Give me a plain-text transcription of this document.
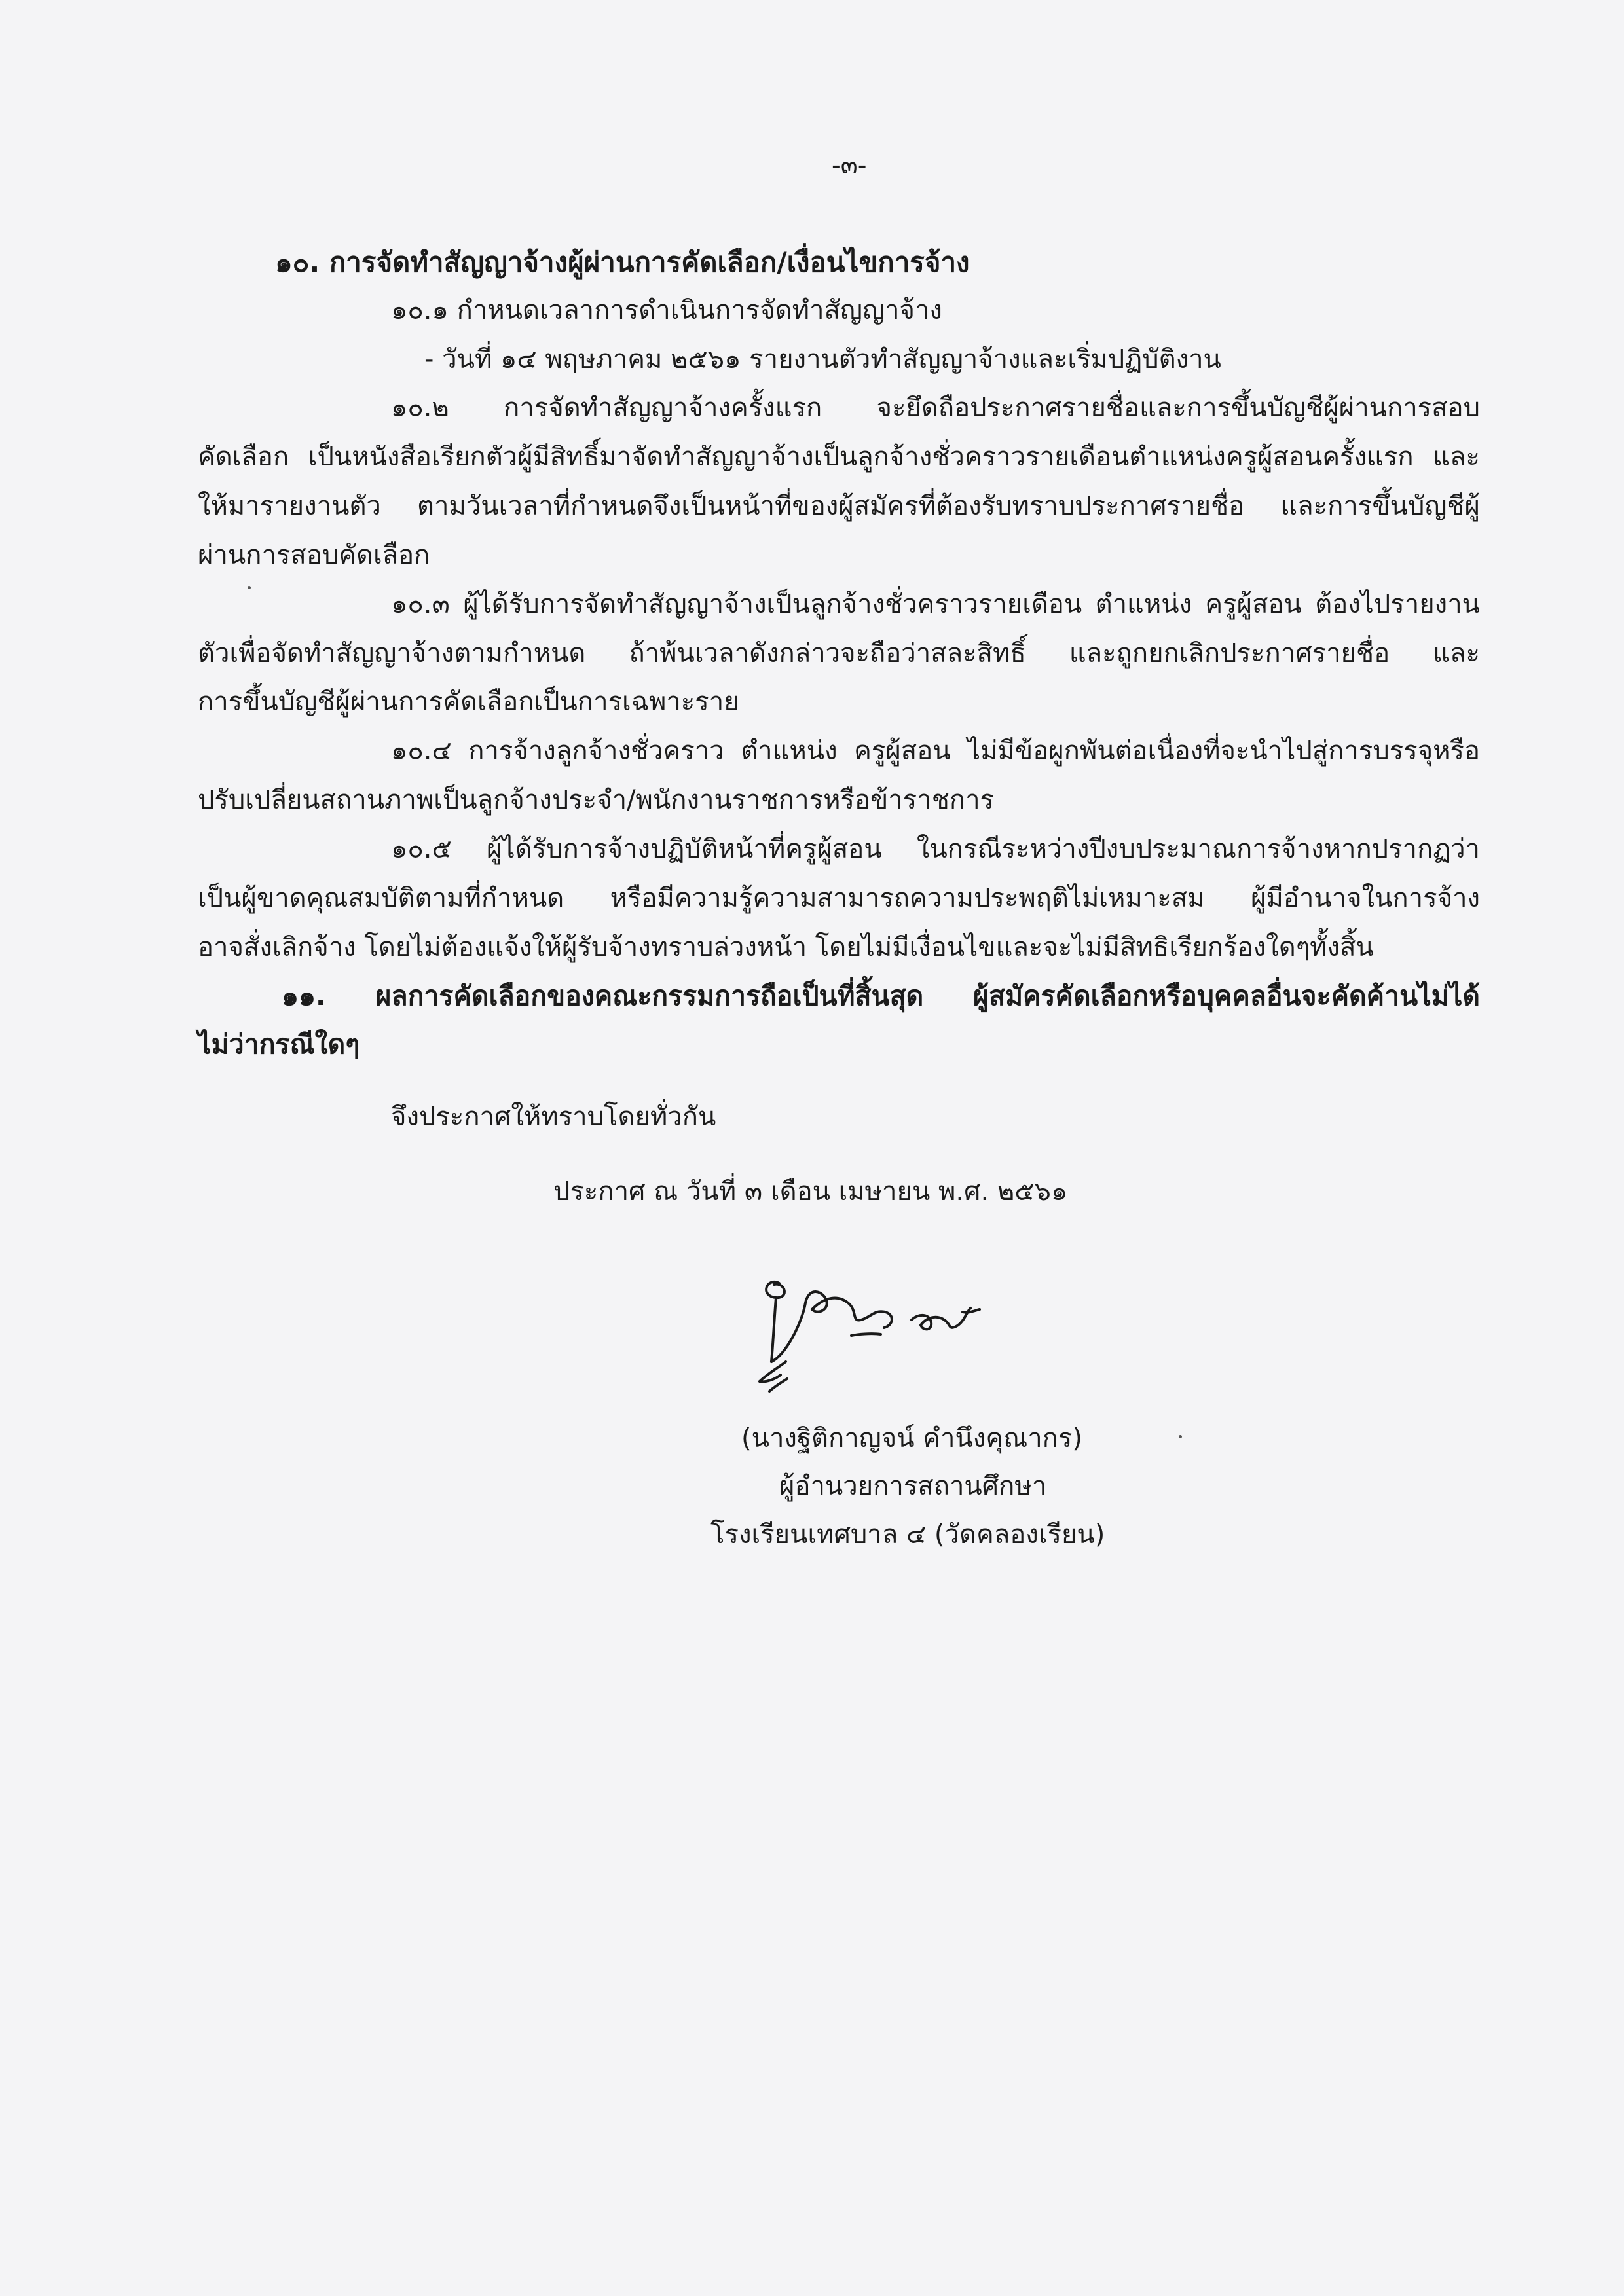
-๓-
๑๐. การจัดทำสัญญาจ้างผู้ผ่านการคัดเลือก/เงื่อนไขการจ้าง
๑๐.๑ กำหนดเวลาการดำเนินการจัดทำสัญญาจ้าง
- วันที่ ๑๔ พฤษภาคม ๒๕๖๑ รายงานตัวทำสัญญาจ้างและเริ่มปฏิบัติงาน
๑๐.๒ การจัดทำสัญญาจ้างครั้งแรก จะยึดถือประกาศรายชื่อและการขึ้นบัญชีผู้ผ่านการสอบ
คัดเลือก เป็นหนังสือเรียกตัวผู้มีสิทธิ์มาจัดทำสัญญาจ้างเป็นลูกจ้างชั่วคราวรายเดือนตำแหน่งครูผู้สอนครั้งแรก และ
ให้มารายงานตัว ตามวันเวลาที่กำหนดจึงเป็นหน้าที่ของผู้สมัครที่ต้องรับทราบประกาศรายชื่อ และการขึ้นบัญชีผู้
ผ่านการสอบคัดเลือก
๑๐.๓ ผู้ได้รับการจัดทำสัญญาจ้างเป็นลูกจ้างชั่วคราวรายเดือน ตำแหน่ง ครูผู้สอน ต้องไปรายงาน
ตัวเพื่อจัดทำสัญญาจ้างตามกำหนด ถ้าพ้นเวลาดังกล่าวจะถือว่าสละสิทธิ์ และถูกยกเลิกประกาศรายชื่อ และ
การขึ้นบัญชีผู้ผ่านการคัดเลือกเป็นการเฉพาะราย
๑๐.๔ การจ้างลูกจ้างชั่วคราว ตำแหน่ง ครูผู้สอน ไม่มีข้อผูกพันต่อเนื่องที่จะนำไปสู่การบรรจุหรือ
ปรับเปลี่ยนสถานภาพเป็นลูกจ้างประจำ/พนักงานราชการหรือข้าราชการ
๑๐.๕ ผู้ได้รับการจ้างปฏิบัติหน้าที่ครูผู้สอน ในกรณีระหว่างปีงบประมาณการจ้างหากปรากฏว่า
เป็นผู้ขาดคุณสมบัติตามที่กำหนด หรือมีความรู้ความสามารถความประพฤติไม่เหมาะสม ผู้มีอำนาจในการจ้าง
อาจสั่งเลิกจ้าง โดยไม่ต้องแจ้งให้ผู้รับจ้างทราบล่วงหน้า โดยไม่มีเงื่อนไขและจะไม่มีสิทธิเรียกร้องใดๆทั้งสิ้น
๑๑. ผลการคัดเลือกของคณะกรรมการถือเป็นที่สิ้นสุด ผู้สมัครคัดเลือกหรือบุคคลอื่นจะคัดค้านไม่ได้
ไม่ว่ากรณีใดๆ
จึงประกาศให้ทราบโดยทั่วกัน
ประกาศ ณ วันที่ ๓ เดือน เมษายน พ.ศ. ๒๕๖๑
(นางฐิติกาญจน์ คำนึงคุณากร)
ผู้อำนวยการสถานศึกษา
โรงเรียนเทศบาล ๔ (วัดคลองเรียน)
